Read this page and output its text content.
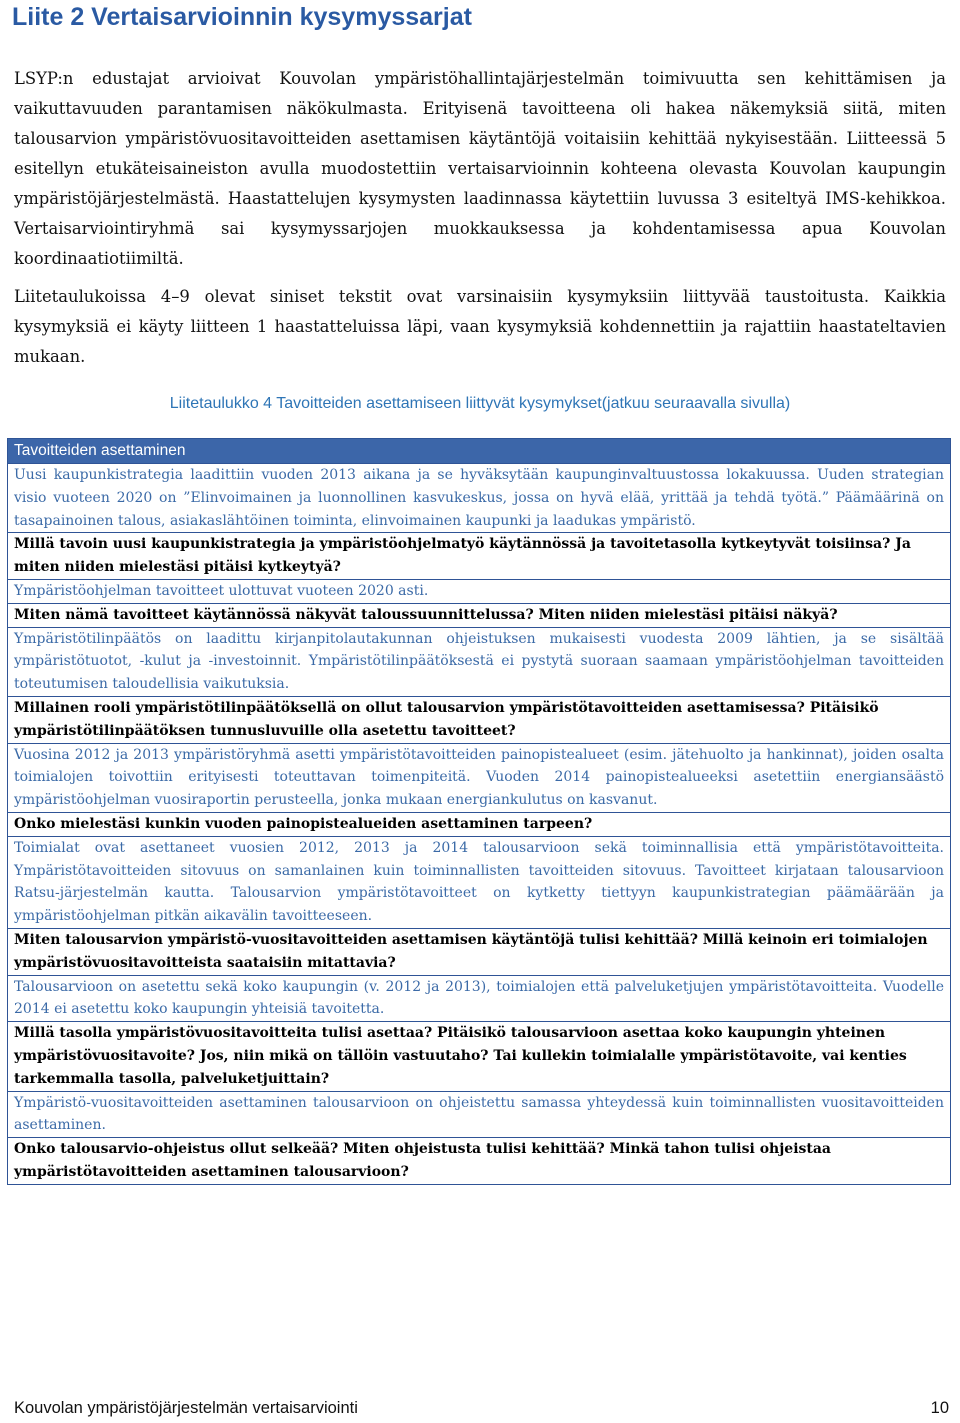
Liite 2 Vertaisarvioinnin kysymyssarjat

LSYP:n edustajat arvioivat Kouvolan ympäristöhallintajärjestelmän toimivuutta sen kehittämisen ja vaikuttavuuden parantamisen näkökulmasta. Erityisenä tavoitteena oli hakea näkemyksiä siitä, miten talousarvion ympäristövuositavoitteiden asettamisen käytäntöjä voitaisiin kehittää nykyisestään. Liitteessä 5 esitellyn etukäteisaineiston avulla muodostettiin vertaisarvioinnin kohteena olevasta Kouvolan kaupungin ympäristöjärjestelmästä. Haastattelujen kysymysten laadinnassa käytettiin luvussa 3 esiteltyä IMS-kehikkoa. Vertaisarviointiryhmä sai kysymyssarjojen muokkauksessa ja kohdentamisessa apua Kouvolan koordinaatiotiimiltä.

Liitetaulukoissa 4–9 olevat siniset tekstit ovat varsinaisiin kysymyksiin liittyvää taustoitusta. Kaikkia kysymyksiä ei käyty liitteen 1 haastatteluissa läpi, vaan kysymyksiä kohdennettiin ja rajattiin haastateltavien mukaan.

Liitetaulukko 4 Tavoitteiden asettamiseen liittyvät kysymykset(jatkuu seuraavalla sivulla)
Tavoitteiden asettaminen
Uusi kaupunkistrategia laadittiin vuoden 2013 aikana ja se hyväksytään kaupunginvaltuustossa lokakuussa. Uuden strategian visio vuoteen 2020 on ”Elinvoimainen ja luonnollinen kasvukeskus, jossa on hyvä elää, yrittää ja tehdä työtä.” Päämäärinä on tasapainoinen talous, asiakaslähtöinen toiminta, elinvoimainen kaupunki ja laadukas ympäristö.
Millä tavoin uusi kaupunkistrategia ja ympäristöohjelmatyö käytännössä ja tavoitetasolla kytkeytyvät toisiinsa? Ja miten niiden mielestäsi pitäisi kytkeytyä?
Ympäristöohjelman tavoitteet ulottuvat vuoteen 2020 asti.
Miten nämä tavoitteet käytännössä näkyvät taloussuunnittelussa? Miten niiden mielestäsi pitäisi näkyä?
Ympäristötilinpäätös on laadittu kirjanpitolautakunnan ohjeistuksen mukaisesti vuodesta 2009 lähtien, ja se sisältää ympäristötuotot, -kulut ja -investoinnit. Ympäristötilinpäätöksestä ei pystytä suoraan saamaan ympäristöohjelman tavoitteiden toteutumisen taloudellisia vaikutuksia.
Millainen rooli ympäristötilinpäätöksellä on ollut talousarvion ympäristötavoitteiden asettamisessa? Pitäisikö ympäristötilinpäätöksen tunnusluvuille olla asetettu tavoitteet?
Vuosina 2012 ja 2013 ympäristöryhmä asetti ympäristötavoitteiden painopistealueet (esim. jätehuolto ja hankinnat), joiden osalta toimialojen toivottiin erityisesti toteuttavan toimenpiteitä. Vuoden 2014 painopistealueeksi asetettiin energiansäästö ympäristöohjelman vuosiraportin perusteella, jonka mukaan energiankulutus on kasvanut.
Onko mielestäsi kunkin vuoden painopistealueiden asettaminen tarpeen?
Toimialat ovat asettaneet vuosien 2012, 2013 ja 2014 talousarvioon sekä toiminnallisia että ympäristötavoitteita. Ympäristötavoitteiden sitovuus on samanlainen kuin toiminnallisten tavoitteiden sitovuus. Tavoitteet kirjataan talousarvioon Ratsu-järjestelmän kautta. Talousarvion ympäristötavoitteet on kytketty tiettyyn kaupunkistrategian päämäärään ja ympäristöohjelman pitkän aikavälin tavoitteeseen.
Miten talousarvion ympäristö-vuositavoitteiden asettamisen käytäntöjä tulisi kehittää? Millä keinoin eri toimialojen ympäristövuositavoitteista saataisiin mitattavia?
Talousarvioon on asetettu sekä koko kaupungin (v. 2012 ja 2013), toimialojen että palveluketjujen ympäristötavoitteita. Vuodelle 2014 ei asetettu koko kaupungin yhteisiä tavoitetta.
Millä tasolla ympäristövuositavoitteita tulisi asettaa? Pitäisikö talousarvioon asettaa koko kaupungin yhteinen ympäristövuositavoite? Jos, niin mikä on tällöin vastuutaho? Tai kullekin toimialalle ympäristötavoite, vai kenties tarkemmalla tasolla, palveluketjuittain?
Ympäristö-vuositavoitteiden asettaminen talousarvioon on ohjeistettu samassa yhteydessä kuin toiminnallisten vuositavoitteiden asettaminen.
Onko talousarvio-ohjeistus ollut selkeää? Miten ohjeistusta tulisi kehittää? Minkä tahon tulisi ohjeistaa ympäristötavoitteiden asettaminen talousarvioon?
Kouvolan ympäristöjärjestelmän vertaisarviointi	10
